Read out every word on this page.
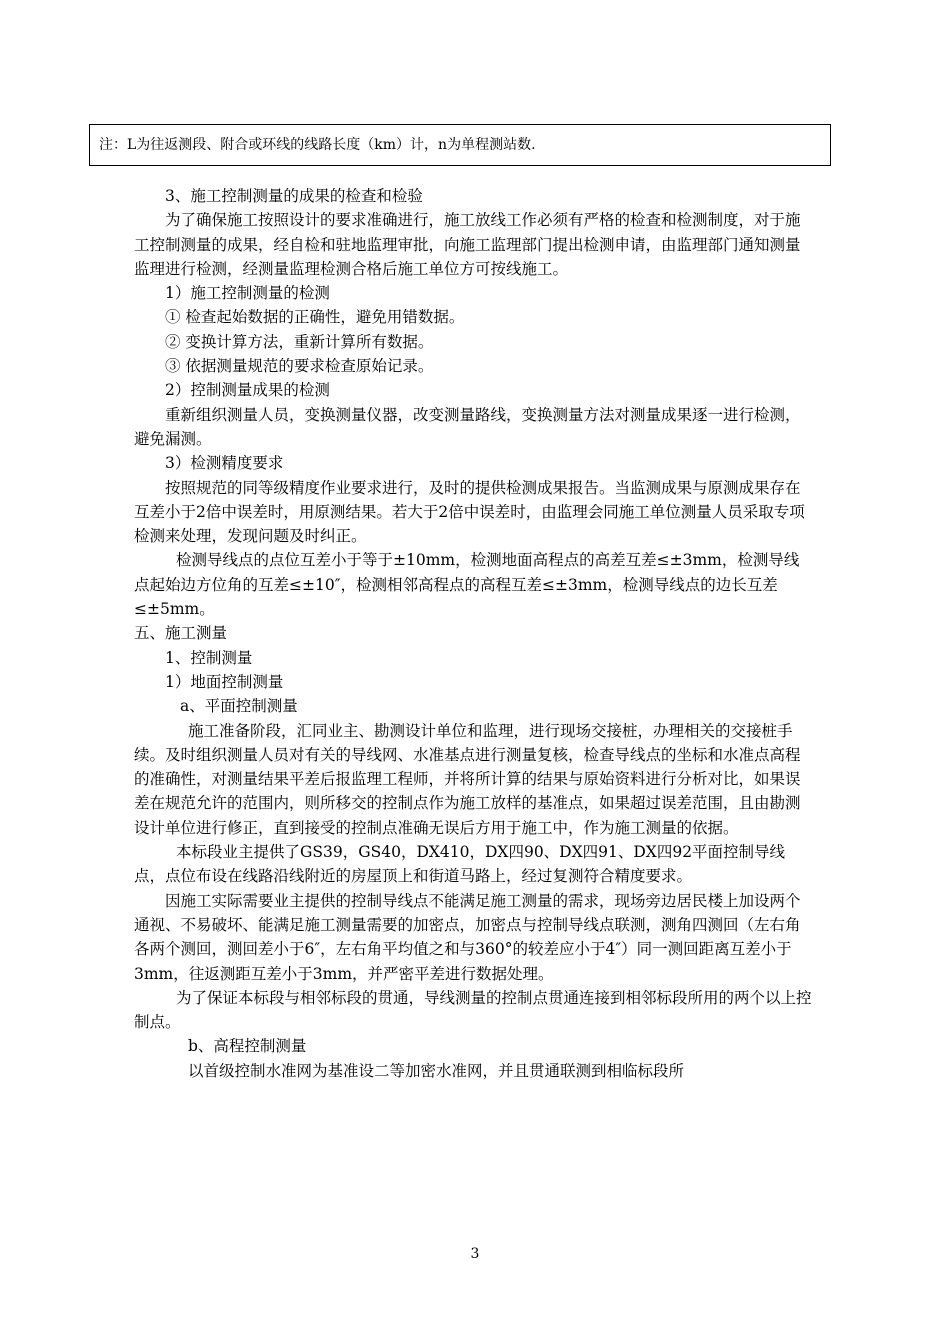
注：L为往返测段、附合或环线的线路长度（km）计，n为单程测站数.

3、施工控制测量的成果的检查和检验

为了确保施工按照设计的要求准确进行，施工放线工作必须有严格的检查和检测制度，对于施工控制测量的成果，经自检和驻地监理审批，向施工监理部门提出检测申请，由监理部门通知测量监理进行检测，经测量监理检测合格后施工单位方可按线施工。

1）施工控制测量的检测

① 检查起始数据的正确性，避免用错数据。

② 变换计算方法，重新计算所有数据。

③ 依据测量规范的要求检查原始记录。

2）控制测量成果的检测

重新组织测量人员，变换测量仪器，改变测量路线，变换测量方法对测量成果逐一进行检测，避免漏测。

3）检测精度要求

按照规范的同等级精度作业要求进行，及时的提供检测成果报告。当监测成果与原测成果存在互差小于2倍中误差时，用原测结果。若大于2倍中误差时，由监理会同施工单位测量人员采取专项检测来处理，发现问题及时纠正。

检测导线点的点位互差小于等于±10mm，检测地面高程点的高差互差≤±3mm，检测导线点起始边方位角的互差≤±10″，检测相邻高程点的高程互差≤±3mm，检测导线点的边长互差≤±5mm。

五、施工测量

1、控制测量

1）地面控制测量

a、平面控制测量

施工准备阶段，汇同业主、勘测设计单位和监理，进行现场交接桩，办理相关的交接桩手续。及时组织测量人员对有关的导线网、水准基点进行测量复核，检查导线点的坐标和水准点高程的准确性，对测量结果平差后报监理工程师，并将所计算的结果与原始资料进行分析对比，如果误差在规范允许的范围内，则所移交的控制点作为施工放样的基准点，如果超过误差范围，且由勘测设计单位进行修正，直到接受的控制点准确无误后方用于施工中，作为施工测量的依据。

本标段业主提供了GS39，GS40，DX410，DX四90、DX四91、DX四92平面控制导线点，点位布设在线路沿线附近的房屋顶上和街道马路上，经过复测符合精度要求。

因施工实际需要业主提供的控制导线点不能满足施工测量的需求，现场旁边居民楼上加设两个通视、不易破坏、能满足施工测量需要的加密点，加密点与控制导线点联测，测角四测回（左右角各两个测回，测回差小于6″，左右角平均值之和与360°的较差应小于4″）同一测回距离互差小于3mm，往返测距互差小于3mm，并严密平差进行数据处理。

为了保证本标段与相邻标段的贯通，导线测量的控制点贯通连接到相邻标段所用的两个以上控制点。

b、高程控制测量

以首级控制水准网为基准设二等加密水准网，并且贯通联测到相临标段所

3
